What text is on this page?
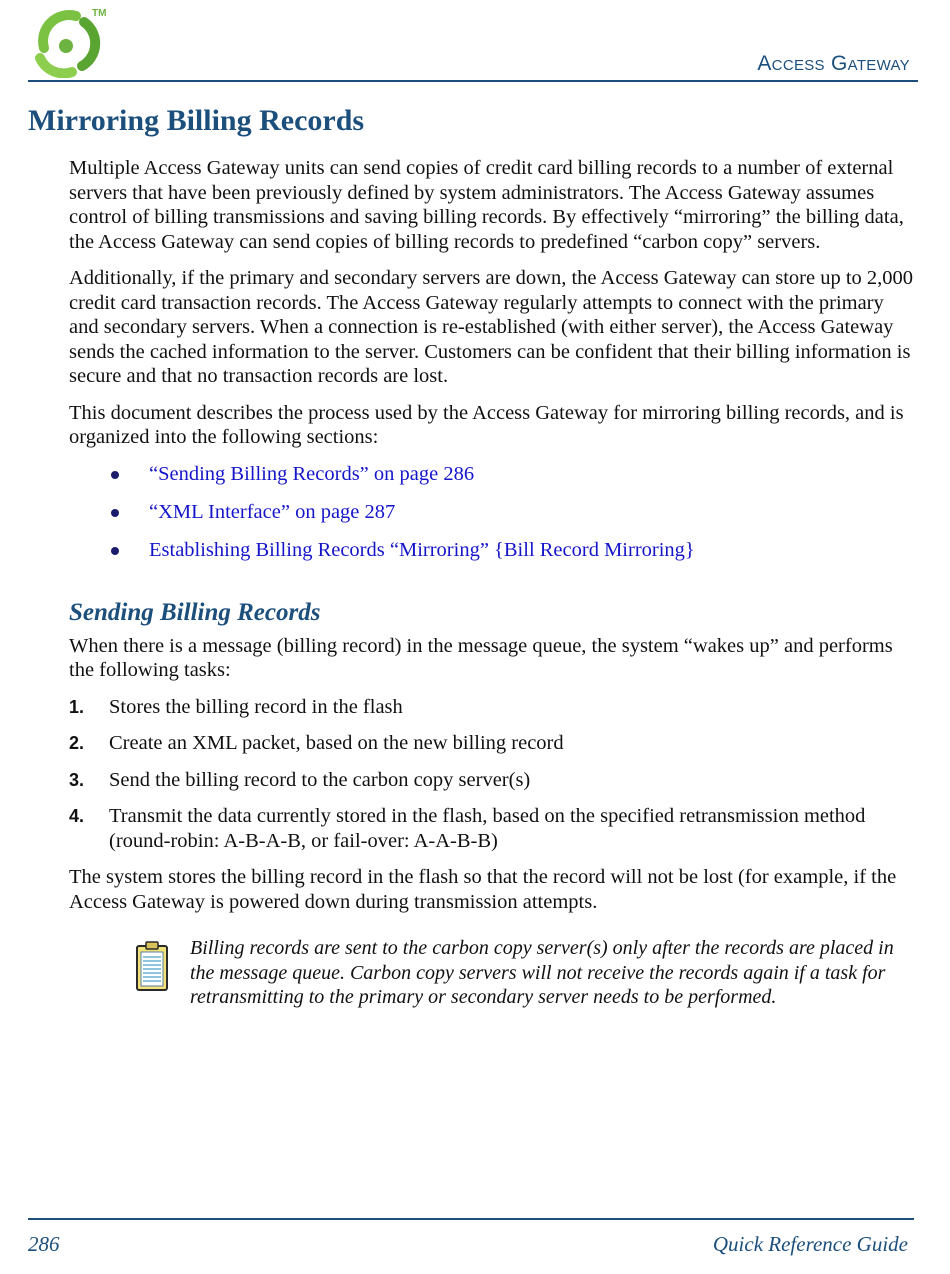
TM
Access Gateway
Mirroring Billing Records

Multiple Access Gateway units can send copies of credit card billing records to a number of external servers that have been previously defined by system administrators. The Access Gateway assumes control of billing transmissions and saving billing records. By effectively “mirroring” the billing data, the Access Gateway can send copies of billing records to predefined “carbon copy” servers.

Additionally, if the primary and secondary servers are down, the Access Gateway can store up to 2,000 credit card transaction records. The Access Gateway regularly attempts to connect with the primary and secondary servers. When a connection is re-established (with either server), the Access Gateway sends the cached information to the server. Customers can be confident that their billing information is secure and that no transaction records are lost.

This document describes the process used by the Access Gateway for mirroring billing records, and is organized into the following sections:

“Sending Billing Records” on page 286
“XML Interface” on page 287
Establishing Billing Records “Mirroring” {Bill Record Mirroring}
Sending Billing Records

When there is a message (billing record) in the message queue, the system “wakes up” and performs the following tasks:

1. Stores the billing record in the flash
2. Create an XML packet, based on the new billing record
3. Send the billing record to the carbon copy server(s)
4. Transmit the data currently stored in the flash, based on the specified retransmission method (round-robin: A-B-A-B, or fail-over: A-A-B-B)

The system stores the billing record in the flash so that the record will not be lost (for example, if the Access Gateway is powered down during transmission attempts.

Billing records are sent to the carbon copy server(s) only after the records are placed in the message queue. Carbon copy servers will not receive the records again if a task for retransmitting to the primary or secondary server needs to be performed.
286	Quick Reference Guide
